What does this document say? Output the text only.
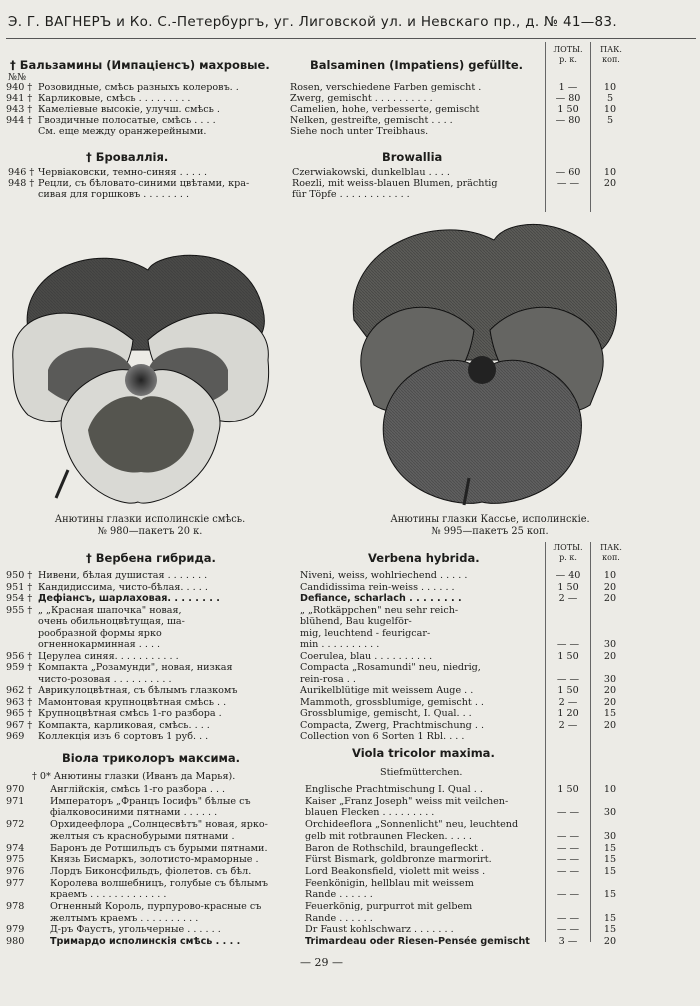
Э. Г. ВАГНЕРЪ и Ко. С.-Петербургъ, уг. Лиговской ул. и Невскаго пр., д. № 41—83.
ЛОТЫ.
р. к.
ПАК.
коп.
† Бальзамины (Импаціенсъ) махровые.	Balsaminen (Impatiens) gefüllte.
№№
940 † Розовидные, смѣсь разныхъ колеровъ. .	Rosen, verschiedene Farben gemischt .	1 —	10
941 † Карликовые, смѣсь . . . . . . . . .	Zwerg, gemischt . . . . . . . . . .	— 80	5
943 † Камеліевые высокіе, улучш. смѣсь .	Camelien, hohe, verbesserte, gemischt	1 50	10
944 † Гвоздичные полосатые, смѣсь . . . .	Nelken, gestreifte, gemischt . . . .	— 80	5
См. еще между оранжерейными.	Siehe noch unter Treibhaus.
† Броваллія.	Browallia
946 † Червіаковски, темно-синяя . . . . .	Czerwiakowski, dunkelblau . . . .	— 60	10
948 † Рецли, съ бѣловато-синими цвѣтами, кра-	Roezli, mit weiss-blauen Blumen, prächtig	— —	20
сивая для горшковъ . . . . . . . .	für Töpfe . . . . . . . . . . . .
Анютины глазки исполинскіе смѣсь.
№ 980—пакетъ 20 к.
Анютины глазки Кассье, исполинскіе.
№ 995—пакетъ 25 коп.
† Вербена гибрида.	Verbena hybrida.
ЛОТЫ.
р. к.
ПАК.
коп.
950 † Нивени, бѣлая душистая . . . . . . .	Niveni, weiss, wohlriechend . . . . .	— 40	10
951 † Кандидиссима, чисто-бѣлая. . . . .	Candidissima rein-weiss . . . . . .	1 50	20
954 † Дефіансъ, шарлаховая. . . . . . . .	Defiance, scharlach . . . . . . . .	2 —	20
955 † „ „Красная шапочка" новая,	„ „Rotkäppchen" neu sehr reich-
очень обильноцвѣтущая, ша-	blühend, Bau kugelför-
рообразной формы ярко	mig, leuchtend - feurigcar-
огненнокарминная . . . .	min . . . . . . . . . .	— —	30
956 † Церулеа синяя. . . . . . . . . . .	Coerulea, blau . . . . . . . . . .	1 50	20
959 † Компакта „Розамунди", новая, низкая	Compacta „Rosamundi" neu, niedrig,
чисто-розовая . . . . . . . . . .	rein-rosa . .	— —	30
962 † Аврикулоцвѣтная, съ бѣлымъ глазкомъ	Aurikelblütige mit weissem Auge . .	1 50	20
963 † Мамонтовая крупноцвѣтная смѣсь . .	Mammoth, grossblumige, gemischt . .	2 —	20
965 † Крупноцвѣтная смѣсь 1-го разбора .	Grossblumige, gemischt, I. Qual. . .	1 20	15
967 † Компакта, карликовая, смѣсь. . . .	Compacta, Zwerg, Prachtmischung . .	2 —	20
969 Коллекція изъ 6 сортовъ 1 руб. . .	Collection von 6 Sorten 1 Rbl. . . .
Віола триколоръ максима.	Viola tricolor maxima.
† 0* Анютины глазки (Иванъ да Марья).	Stiefmütterchen.
970	Англійскія, смѣсь 1-го разбора . . .	Englische Prachtmischung I. Qual . .	1 50	10
971	Императоръ „Францъ Іосифъ" бѣлые съ	Kaiser „Franz Joseph" weiss mit veilchen-
фіалковосиними пятнами . . . . . .	blauen Flecken . . . . . . . . .	— —	30
972	Орхидеефлора „Солнцесвѣтъ" новая, ярко-	Orchideeflora „Sonnenlicht" neu, leuchtend
желтыя съ краснобурыми пятнами .	gelb mit rotbraunen Flecken. . . . .	— —	30
974	Баронъ де Ротшильдъ съ бурыми пятнами.	Baron de Rothschild, braungefleckt .	— —	15
975	Князь Бисмаркъ, золотисто-мраморные .	Fürst Bismark, goldbronze marmorirt.	— —	15
976	Лордъ Биконсфильдъ, фіолетов. съ бѣл.	Lord Beakonsfield, violett mit weiss .	— —	15
977	Королева волшебницъ, голубые съ бѣлымъ	Feenkönigin, hellblau mit weissem
краемъ . . . . . . . . . . . . .	Rande . . . . . .	— —	15
978	Огненный Король, пурпурово-красные съ	Feuerkönig, purpurrot mit gelbem
желтымъ краемъ . . . . . . . . . .	Rande . . . . . .	— —	15
979	Д-ръ Фаустъ, угольчерные . . . . . .	Dr Faust kohlschwarz . . . . . . .	— —	15
980	Тримардо исполинскія смѣсь . . . .	Trimardeau oder Riesen-Pensée gemischt	3 —	20
— 29 —
